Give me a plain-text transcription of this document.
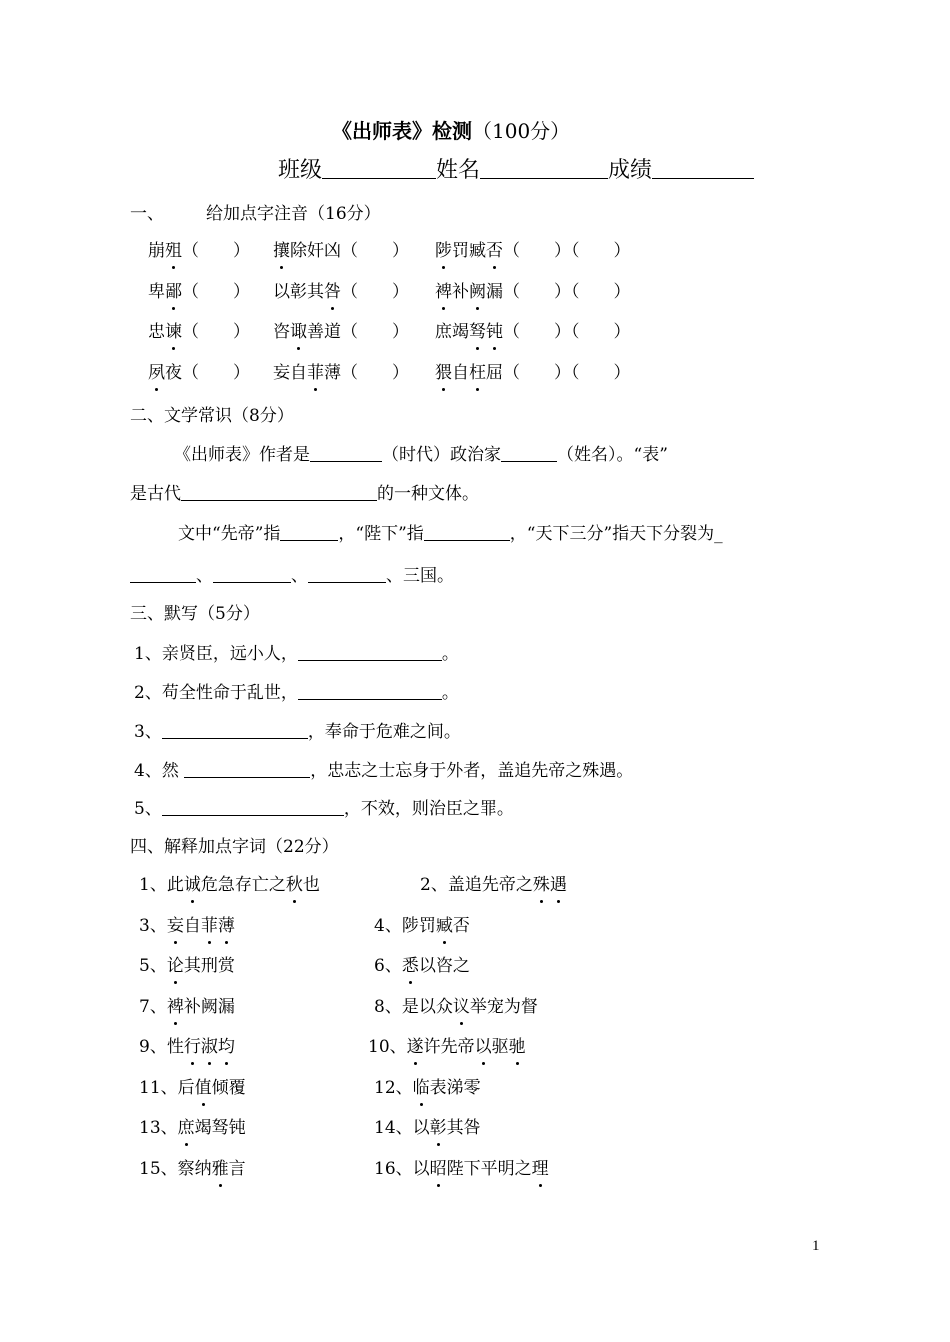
《出师表》检测（100分）
班级	姓名	成绩
一、 给加点字注音（16分）
崩殂（　　） 攘除奸凶（　　） 陟罚臧否（　　）（　　）
卑鄙（　　） 以彰其咎（　　） 裨补阙漏（　　）（　　）
忠谏（　　） 咨诹善道（　　） 庶竭驽钝（　　）（　　）
夙夜（　　） 妄自菲薄（　　） 猥自枉屈（　　）（　　）
二、文学常识（8分）
《出师表》作者是	（时代）政治家	（姓名）。“表”
是古代	的一种文体。
文中“先帝”指	，“陛下”指	，“天下三分”指天下分裂为_
、	、	、三国。
三、默写（5分）
1、亲贤臣，远小人，	。
2、苟全性命于乱世，	。
3、	，奉命于危难之间。
4、然	，忠志之士忘身于外者，盖追先帝之殊遇。
5、	，不效，则治臣之罪。
四、解释加点字词（22分）
1、此诚危急存亡之秋也	2、盖追先帝之殊遇
3、妄自菲薄	4、陟罚臧否
5、论其刑赏	6、悉以咨之
7、裨补阙漏	8、是以众议举宠为督
9、性行淑均	10、遂许先帝以驱驰
11、后值倾覆	12、临表涕零
13、庶竭驽钝	14、以彰其咎
15、察纳雅言	16、以昭陛下平明之理
1
